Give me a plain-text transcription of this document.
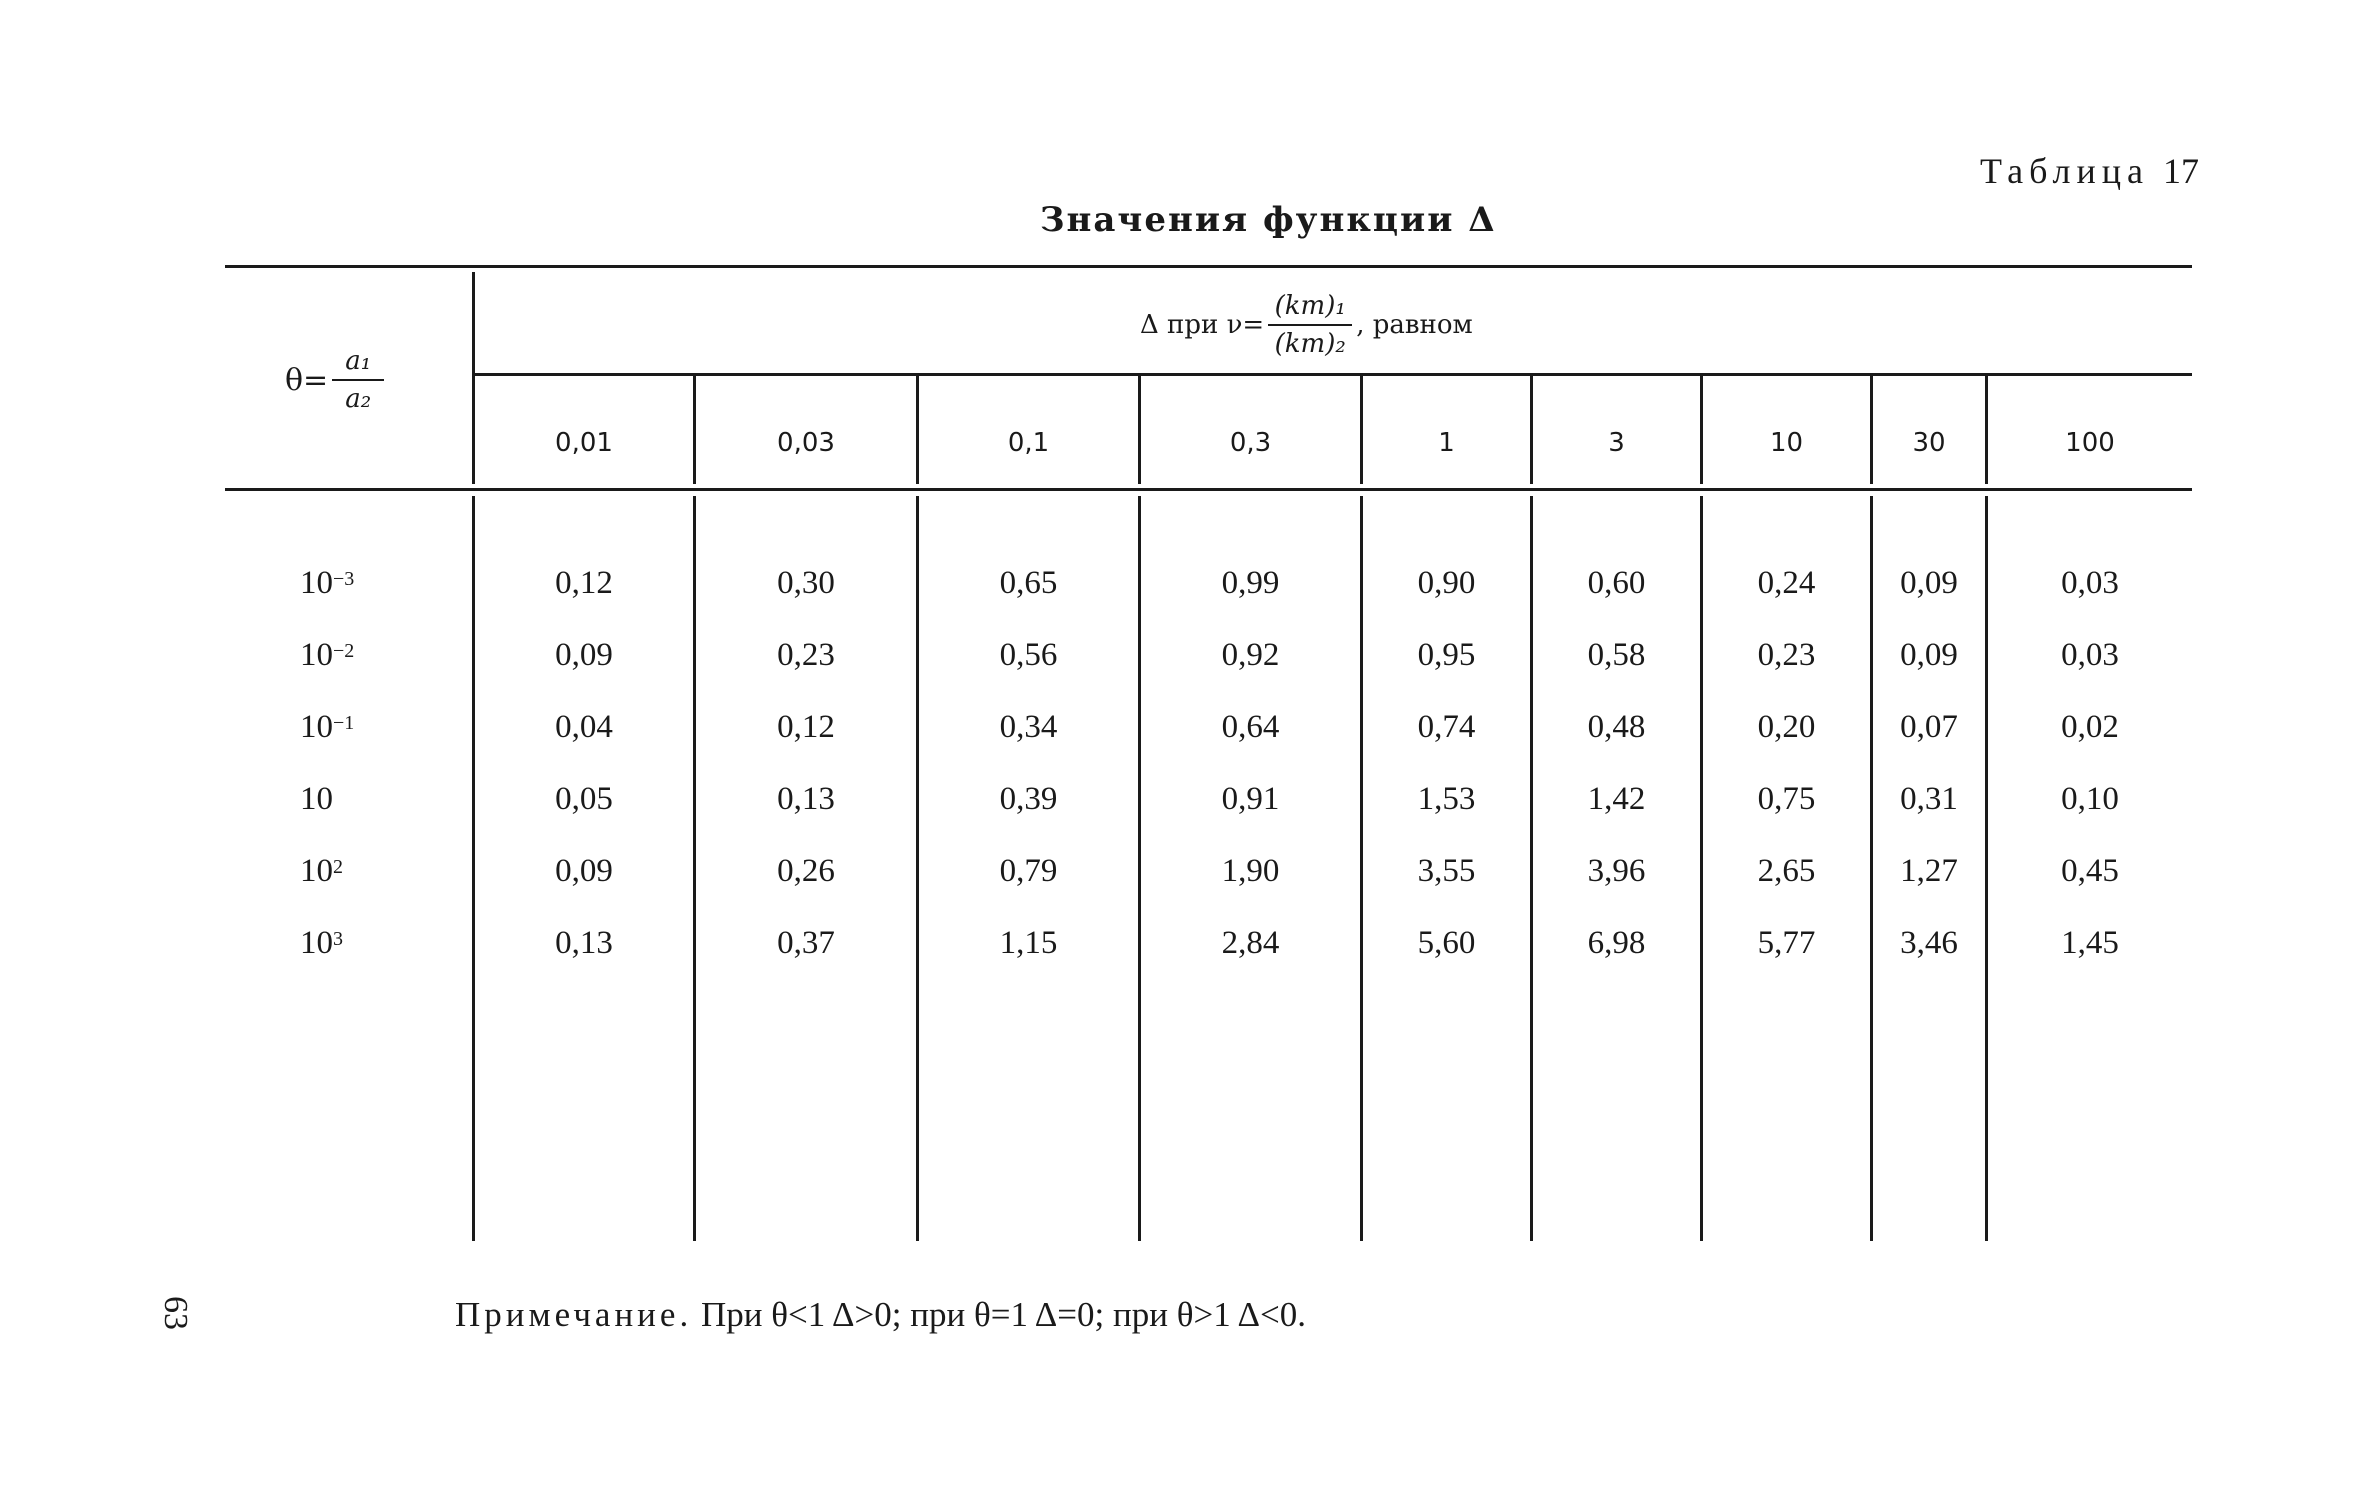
Таблица 17
Значения функции Δ
$\theta= \frac{\text{a₁}}{\text{a₂}}$
Δ при $\nu= \frac{\text{(km)₁}}{\text{(km)₂}}$ , равном
0,01	0,03	0,1	0,3	1	3	10	30	100
$10^{-3}$	0,12	0,30	0,65	0,99	0,90	0,60	0,24	0,09	0,03
$10^{-2}$	0,09	0,23	0,56	0,92	0,95	0,58	0,23	0,09	0,03
$10^{-1}$	0,04	0,12	0,34	0,64	0,74	0,48	0,20	0,07	0,02
10	0,05	0,13	0,39	0,91	1,53	1,42	0,75	0,31	0,10
$10^2$	0,09	0,26	0,79	1,90	3,55	3,96	2,65	1,27	0,45
$10^3$	0,13	0,37	1,15	2,84	5,60	6,98	5,77	3,46	1,45
Примечание.
При θ<1 Δ>0; при θ=1 Δ=0; при θ>1 Δ<0.
63
